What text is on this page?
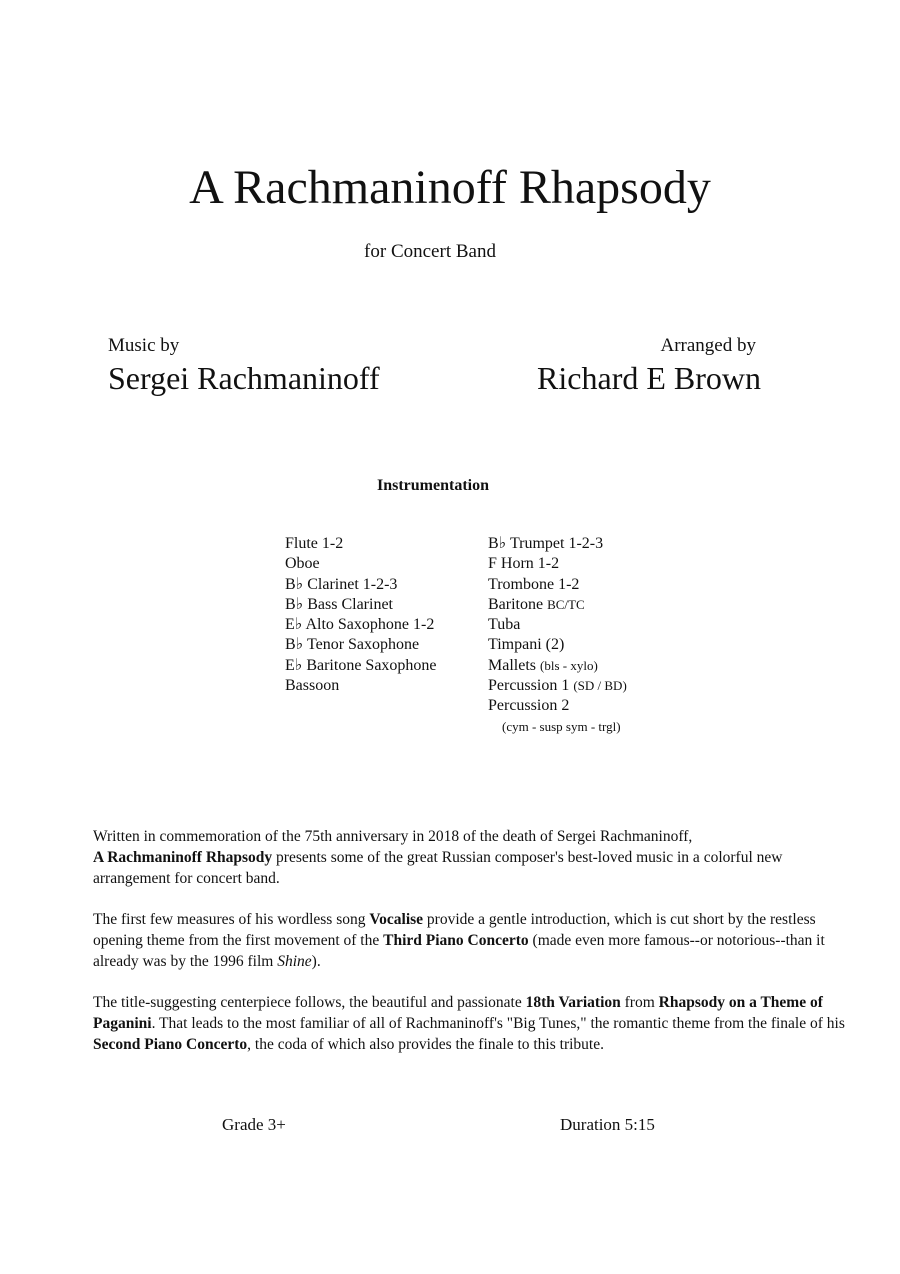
A Rachmaninoff Rhapsody
for Concert Band
Music by
Sergei Rachmaninoff
Arranged by
Richard E Brown
Instrumentation
Flute 1-2
Oboe
B♭ Clarinet 1-2-3
B♭ Bass Clarinet
E♭ Alto Saxophone 1-2
B♭ Tenor Saxophone
E♭ Baritone Saxophone
Bassoon
B♭ Trumpet 1-2-3
F Horn 1-2
Trombone 1-2
Baritone BC/TC
Tuba
Timpani (2)
Mallets (bls - xylo)
Percussion 1 (SD / BD)
Percussion 2
(cym - susp sym - trgl)

Written in commemoration of the 75th anniversary in 2018 of the death of Sergei Rachmaninoff,
A Rachmaninoff Rhapsody presents some of the great Russian composer's best-loved music in a colorful new arrangement for concert band.

The first few measures of his wordless song Vocalise provide a gentle introduction, which is cut short by the restless opening theme from the first movement of the Third Piano Concerto (made even more famous--or notorious--than it already was by the 1996 film Shine).

The title-suggesting centerpiece follows, the beautiful and passionate 18th Variation from Rhapsody on a Theme of Paganini. That leads to the most familiar of all of Rachmaninoff's "Big Tunes," the romantic theme from the finale of his Second Piano Concerto, the coda of which also provides the finale to this tribute.

Grade 3+	Duration 5:15
